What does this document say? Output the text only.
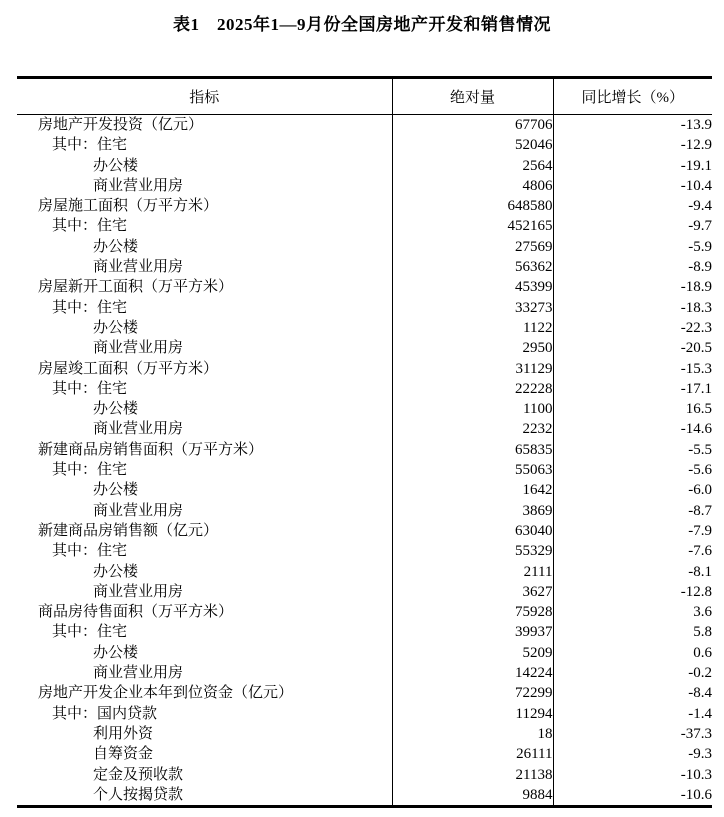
表1　2025年1—9月份全国房地产开发和销售情况
指标	绝对量	同比增长（%）
房地产开发投资（亿元）	67706	-13.9
其中：住宅	52046	-12.9
办公楼	2564	-19.1
商业营业用房	4806	-10.4
房屋施工面积（万平方米）	648580	-9.4
其中：住宅	452165	-9.7
办公楼	27569	-5.9
商业营业用房	56362	-8.9
房屋新开工面积（万平方米）	45399	-18.9
其中：住宅	33273	-18.3
办公楼	1122	-22.3
商业营业用房	2950	-20.5
房屋竣工面积（万平方米）	31129	-15.3
其中：住宅	22228	-17.1
办公楼	1100	16.5
商业营业用房	2232	-14.6
新建商品房销售面积（万平方米）	65835	-5.5
其中：住宅	55063	-5.6
办公楼	1642	-6.0
商业营业用房	3869	-8.7
新建商品房销售额（亿元）	63040	-7.9
其中：住宅	55329	-7.6
办公楼	2111	-8.1
商业营业用房	3627	-12.8
商品房待售面积（万平方米）	75928	3.6
其中：住宅	39937	5.8
办公楼	5209	0.6
商业营业用房	14224	-0.2
房地产开发企业本年到位资金（亿元）	72299	-8.4
其中：国内贷款	11294	-1.4
利用外资	18	-37.3
自筹资金	26111	-9.3
定金及预收款	21138	-10.3
个人按揭贷款	9884	-10.6
